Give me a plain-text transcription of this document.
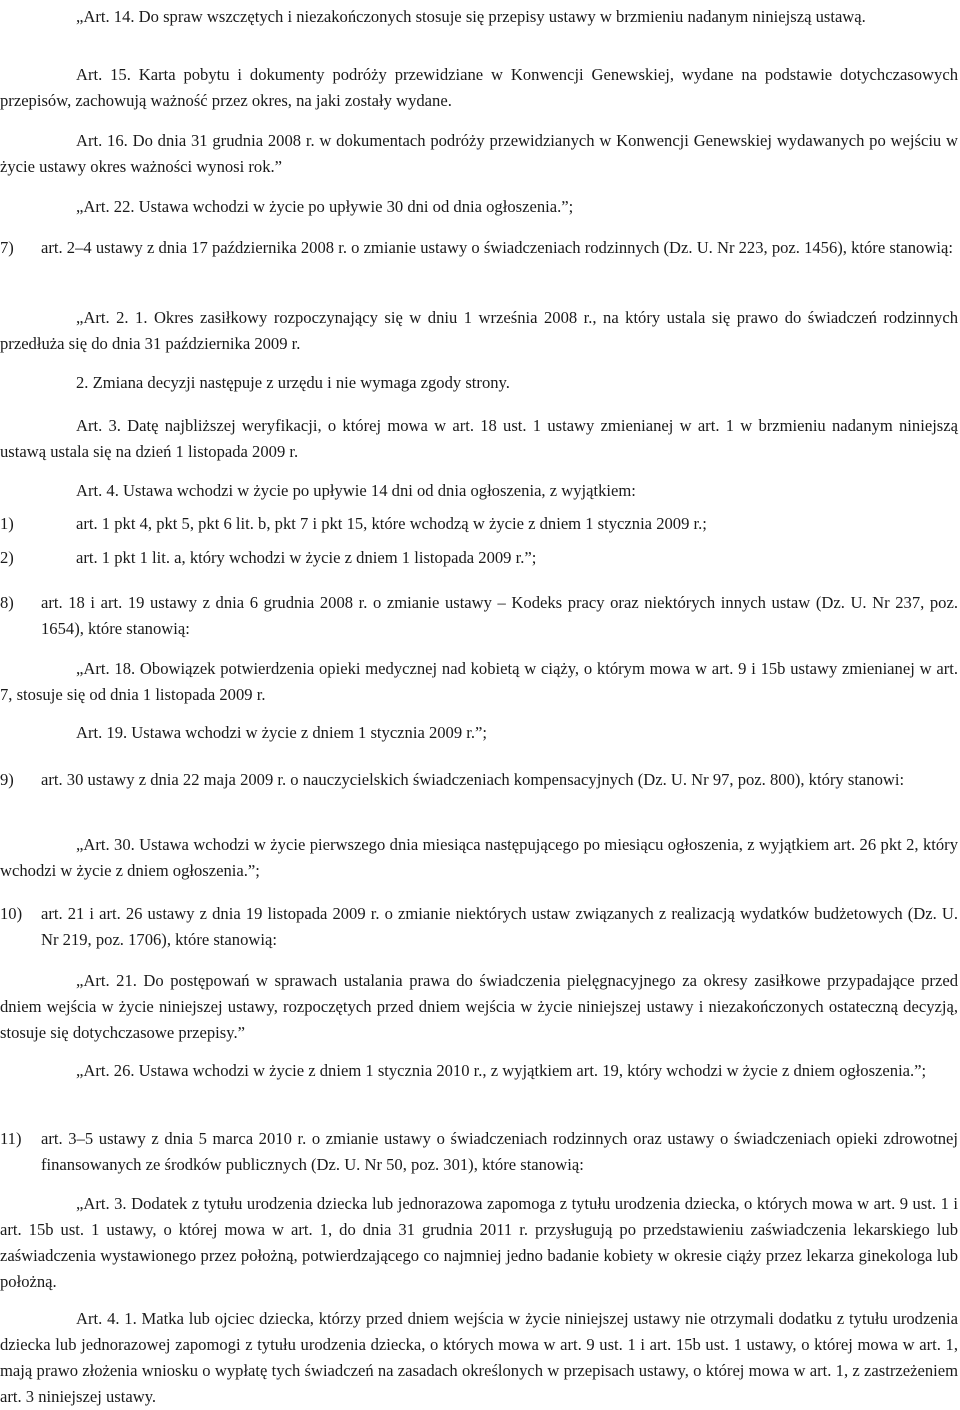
„Art. 14. Do spraw wszczętych i niezakończonych stosuje się przepisy ustawy w brzmieniu nadanym niniejszą ustawą.

Art. 15. Karta pobytu i dokumenty podróży przewidziane w Konwencji Genewskiej, wydane na podstawie dotychczasowych przepisów, zachowują ważność przez okres, na jaki zostały wydane.

Art. 16. Do dnia 31 grudnia 2008 r. w dokumentach podróży przewidzianych w Konwencji Genewskiej wydawanych po wejściu w życie ustawy okres ważności wynosi rok.”

„Art. 22. Ustawa wchodzi w życie po upływie 30 dni od dnia ogłoszenia.”;

7) art. 2–4 ustawy z dnia 17 października 2008 r. o zmianie ustawy o świadczeniach rodzinnych (Dz. U. Nr 223, poz. 1456), które stanowią:

„Art. 2. 1. Okres zasiłkowy rozpoczynający się w dniu 1 września 2008 r., na który ustala się prawo do świadczeń rodzinnych przedłuża się do dnia 31 października 2009 r.

2. Zmiana decyzji następuje z urzędu i nie wymaga zgody strony.

Art. 3. Datę najbliższej weryfikacji, o której mowa w art. 18 ust. 1 ustawy zmienianej w art. 1 w brzmieniu nadanym niniejszą ustawą ustala się na dzień 1 listopada 2009 r.

Art. 4. Ustawa wchodzi w życie po upływie 14 dni od dnia ogłoszenia, z wyjątkiem:

1)	art. 1 pkt 4, pkt 5, pkt 6 lit. b, pkt 7 i pkt 15, które wchodzą w życie z dniem 1 stycznia 2009 r.;
2)	art. 1 pkt 1 lit. a, który wchodzi w życie z dniem 1 listopada 2009 r.”;
8) art. 18 i art. 19 ustawy z dnia 6 grudnia 2008 r. o zmianie ustawy – Kodeks pracy oraz niektórych innych ustaw (Dz. U. Nr 237, poz. 1654), które stanowią:

„Art. 18. Obowiązek potwierdzenia opieki medycznej nad kobietą w ciąży, o którym mowa w art. 9 i 15b ustawy zmienianej w art. 7, stosuje się od dnia 1 listopada 2009 r.

Art. 19. Ustawa wchodzi w życie z dniem 1 stycznia 2009 r.”;

9) art. 30 ustawy z dnia 22 maja 2009 r. o nauczycielskich świadczeniach kompensacyjnych (Dz. U. Nr 97, poz. 800), który stanowi:

„Art. 30. Ustawa wchodzi w życie pierwszego dnia miesiąca następującego po miesiącu ogłoszenia, z wyjątkiem art. 26 pkt 2, który wchodzi w życie z dniem ogłoszenia.”;

10) art. 21 i art. 26 ustawy z dnia 19 listopada 2009 r. o zmianie niektórych ustaw związanych z realizacją wydatków budżetowych (Dz. U. Nr 219, poz. 1706), które stanowią:

„Art. 21. Do postępowań w sprawach ustalania prawa do świadczenia pielęgnacyjnego za okresy zasiłkowe przypadające przed dniem wejścia w życie niniejszej ustawy, rozpoczętych przed dniem wejścia w życie niniejszej ustawy i niezakończonych ostateczną decyzją, stosuje się dotychczasowe przepisy.”

„Art. 26. Ustawa wchodzi w życie z dniem 1 stycznia 2010 r., z wyjątkiem art. 19, który wchodzi w życie z dniem ogłoszenia.”;

11) art. 3–5 ustawy z dnia 5 marca 2010 r. o zmianie ustawy o świadczeniach rodzinnych oraz ustawy o świadczeniach opieki zdrowotnej finansowanych ze środków publicznych (Dz. U. Nr 50, poz. 301), które stanowią:

„Art. 3. Dodatek z tytułu urodzenia dziecka lub jednorazowa zapomoga z tytułu urodzenia dziecka, o których mowa w art. 9 ust. 1 i art. 15b ust. 1 ustawy, o której mowa w art. 1, do dnia 31 grudnia 2011 r. przysługują po przedstawieniu zaświadczenia lekarskiego lub zaświadczenia wystawionego przez położną, potwierdzającego co najmniej jedno badanie kobiety w okresie ciąży przez lekarza ginekologa lub położną.

Art. 4. 1. Matka lub ojciec dziecka, którzy przed dniem wejścia w życie niniejszej ustawy nie otrzymali dodatku z tytułu urodzenia dziecka lub jednorazowej zapomogi z tytułu urodzenia dziecka, o których mowa w art. 9 ust. 1 i art. 15b ust. 1 ustawy, o której mowa w art. 1, mają prawo złożenia wniosku o wypłatę tych świadczeń na zasadach określonych w przepisach ustawy, o której mowa w art. 1, z zastrzeżeniem art. 3 niniejszej ustawy.
